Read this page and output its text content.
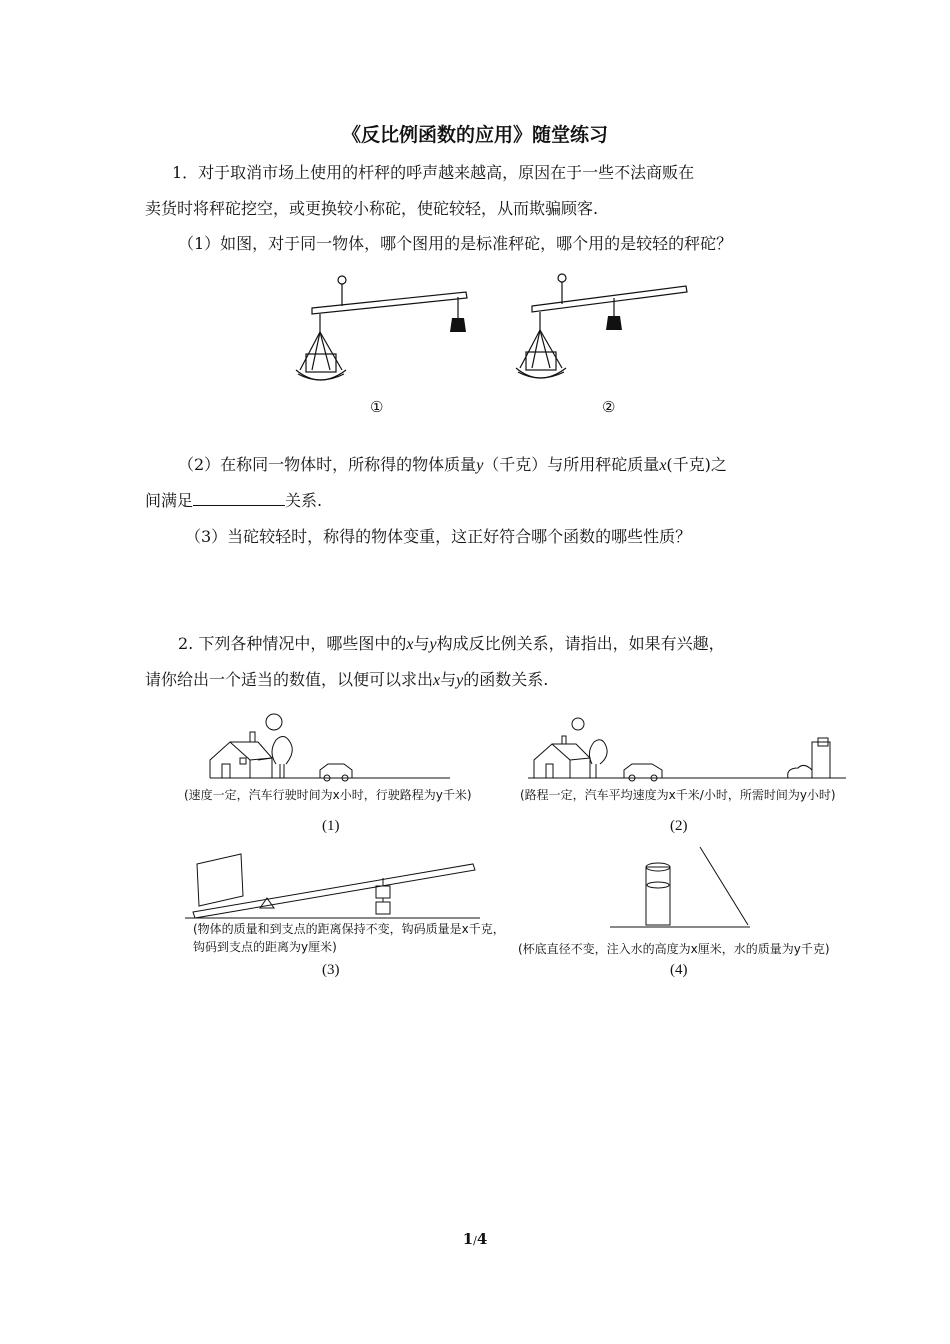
《反比例函数的应用》随堂练习
1．对于取消市场上使用的杆秤的呼声越来越高，原因在于一些不法商贩在
卖货时将秤砣挖空，或更换较小称砣，使砣较轻，从而欺骗顾客.
（1）如图，对于同一物体，哪个图用的是标准秤砣，哪个用的是较轻的秤砣？
①	②
（2）在称同一物体时，所称得的物体质量y（千克）与所用秤砣质量x(千克)之
间满足	关系.
（3）当砣较轻时，称得的物体变重，这正好符合哪个函数的哪些性质？
2. 下列各种情况中，哪些图中的x与y构成反比例关系，请指出，如果有兴趣，
请你给出一个适当的数值，以便可以求出x与y的函数关系.
(速度一定，汽车行驶时间为x小时，行驶路程为y千米)
(1)
(路程一定，汽车平均速度为x千米/小时，所需时间为y小时)
(2)
(物体的质量和到支点的距离保持不变，钩码质量是x千克，
钩码到支点的距离为y厘米)
(3)
(杯底直径不变，注入水的高度为x厘米，水的质量为y千克)
(4)
1/4
